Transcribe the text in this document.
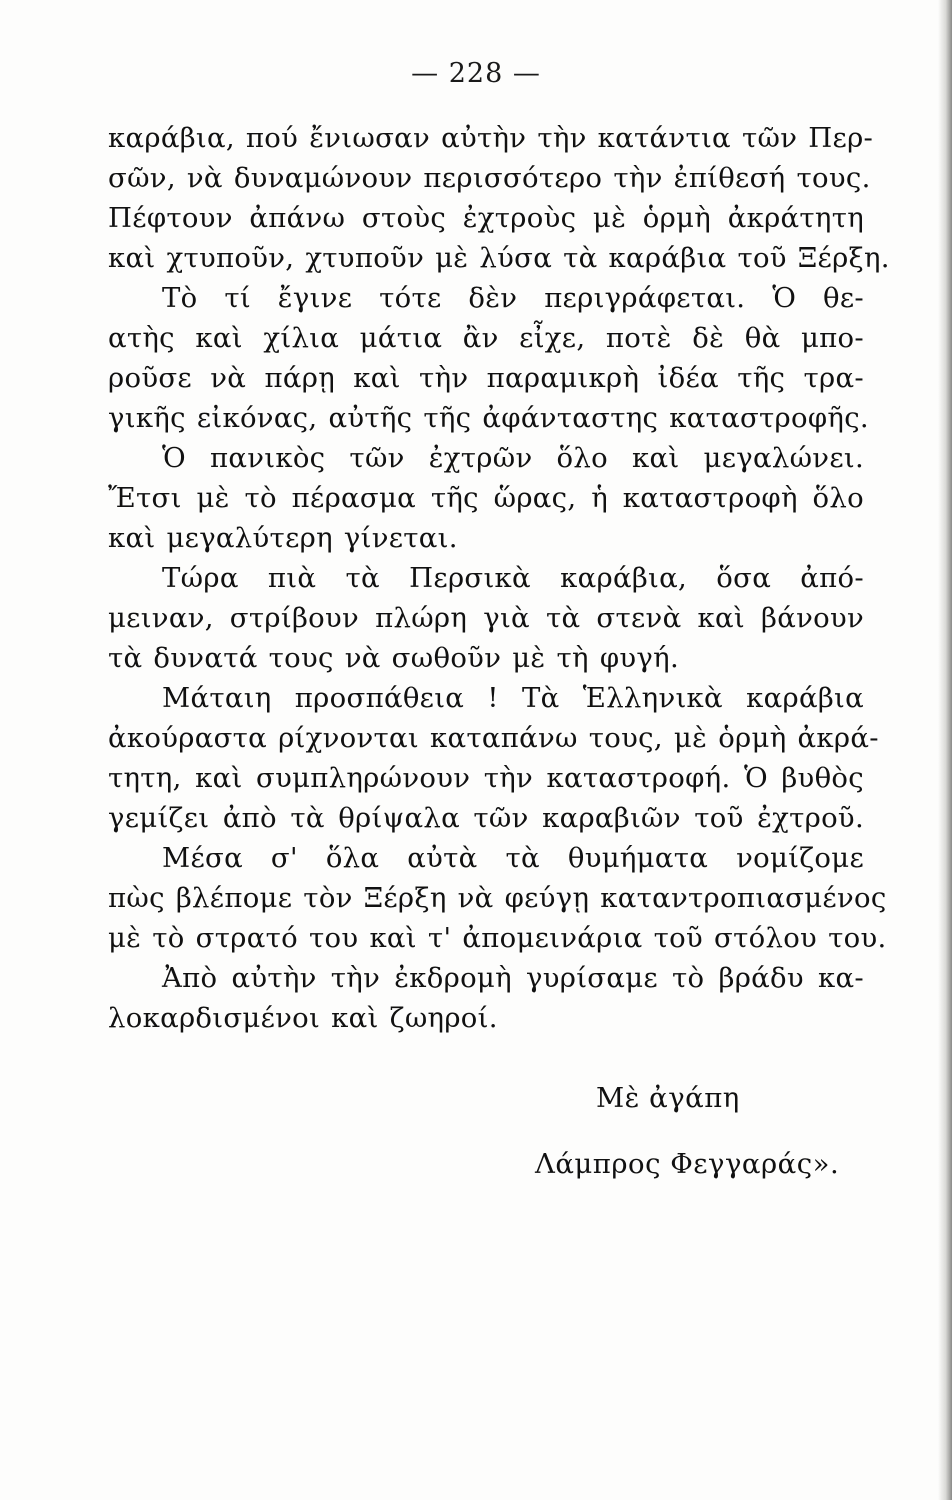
— 228 —
καράβια, πού ἔνιωσαν αὐτὴν τὴν κατάντια τῶν Περ-
σῶν, νὰ δυναμώνουν περισσότερο τὴν ἐπίθεσή τους.
Πέφτουν ἀπάνω στοὺς ἐχτροὺς μὲ ὁρμὴ ἀκράτητη
καὶ χτυποῦν, χτυποῦν μὲ λύσα τὰ καράβια τοῦ Ξέρξη.
Τὸ τί ἔγινε τότε δὲν περιγράφεται. Ὁ θε-
ατὴς καὶ χίλια μάτια ἂν εἶχε, ποτὲ δὲ θὰ μπο-
ροῦσε νὰ πάρῃ καὶ τὴν παραμικρὴ ἰδέα τῆς τρα-
γικῆς εἰκόνας, αὐτῆς τῆς ἀφάνταστης καταστροφῆς.
Ὁ πανικὸς τῶν ἐχτρῶν ὅλο καὶ μεγαλώνει.
Ἔτσι μὲ τὸ πέρασμα τῆς ὥρας, ἡ καταστροφὴ ὅλο
καὶ μεγαλύτερη γίνεται.
Τώρα πιὰ τὰ Περσικὰ καράβια, ὅσα ἀπό-
μειναν, στρίβουν πλώρη γιὰ τὰ στενὰ καὶ βάνουν
τὰ δυνατά τους νὰ σωθοῦν μὲ τὴ φυγή.
Μάταιη προσπάθεια ! Τὰ Ἑλληνικὰ καράβια
ἀκούραστα ρίχνονται καταπάνω τους, μὲ ὁρμὴ ἀκρά-
τητη, καὶ συμπληρώνουν τὴν καταστροφή. Ὁ βυθὸς
γεμίζει ἀπὸ τὰ θρίψαλα τῶν καραβιῶν τοῦ ἐχτροῦ.
Μέσα σ' ὅλα αὐτὰ τὰ θυμήματα νομίζομε
πὼς βλέπομε τὸν Ξέρξη νὰ φεύγῃ καταντροπιασμένος
μὲ τὸ στρατό του καὶ τ' ἀπομεινάρια τοῦ στόλου του.
Ἀπὸ αὐτὴν τὴν ἐκδρομὴ γυρίσαμε τὸ βράδυ κα-
λοκαρδισμένοι καὶ ζωηροί.
Μὲ ἀγάπη
Λάμπρος Φεγγαράς».
